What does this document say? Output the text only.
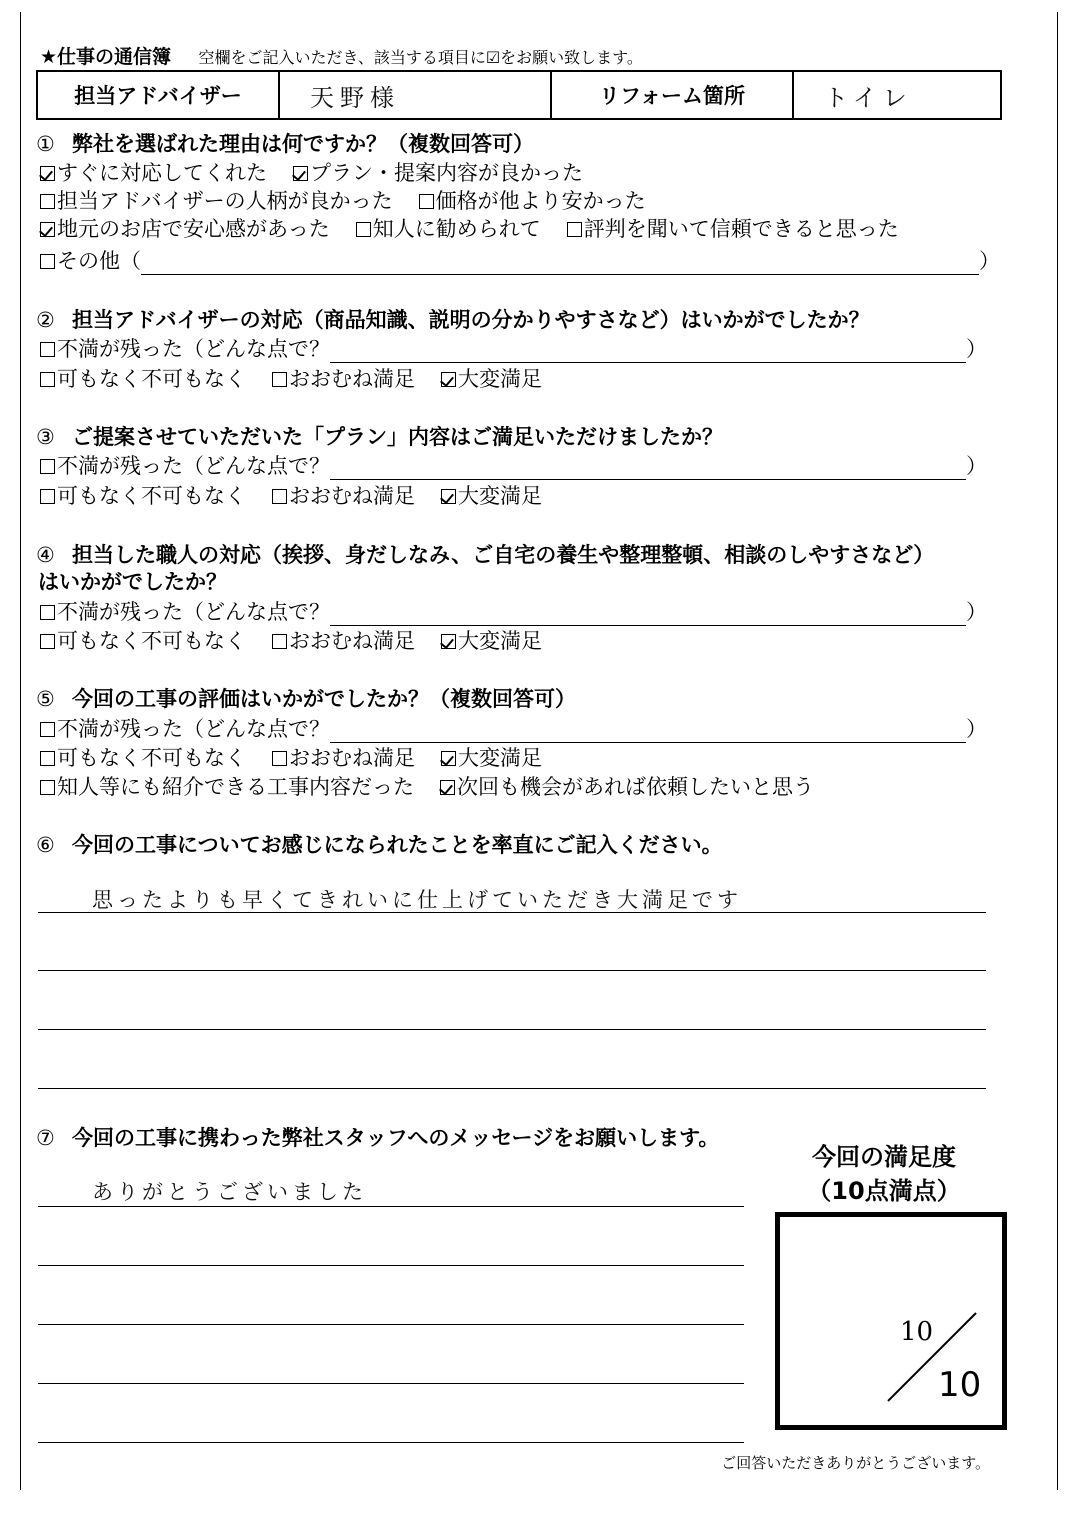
★仕事の通信簿 空欄をご記入いただき、該当する項目に☑をお願い致します。
担当アドバイザー	天野様	リフォーム箇所	トイレ
① 弊社を選ばれた理由は何ですか？（複数回答可）
すぐに対応してくれた プラン・提案内容が良かった
担当アドバイザーの人柄が良かった 価格が他より安かった
地元のお店で安心感があった 知人に勧められて 評判を聞いて信頼できると思った
その他（	）
② 担当アドバイザーの対応（商品知識、説明の分かりやすさなど）はいかがでしたか？
不満が残った（どんな点で？	）
可もなく不可もなく おおむね満足 大変満足
③ ご提案させていただいた「プラン」内容はご満足いただけましたか？
不満が残った（どんな点で？	）
可もなく不可もなく おおむね満足 大変満足
④ 担当した職人の対応（挨拶、身だしなみ、ご自宅の養生や整理整頓、相談のしやすさなど）
はいかがでしたか？
不満が残った（どんな点で？	）
可もなく不可もなく おおむね満足 大変満足
⑤ 今回の工事の評価はいかがでしたか？（複数回答可）
不満が残った（どんな点で？	）
可もなく不可もなく おおむね満足 大変満足
知人等にも紹介できる工事内容だった 次回も機会があれば依頼したいと思う
⑥ 今回の工事についてお感じになられたことを率直にご記入ください。
思ったよりも早くてきれいに仕上げていただき大満足です
⑦ 今回の工事に携わった弊社スタッフへのメッセージをお願いします。
ありがとうございました
今回の満足度
（10点満点）
10
10
ご回答いただきありがとうございます。
